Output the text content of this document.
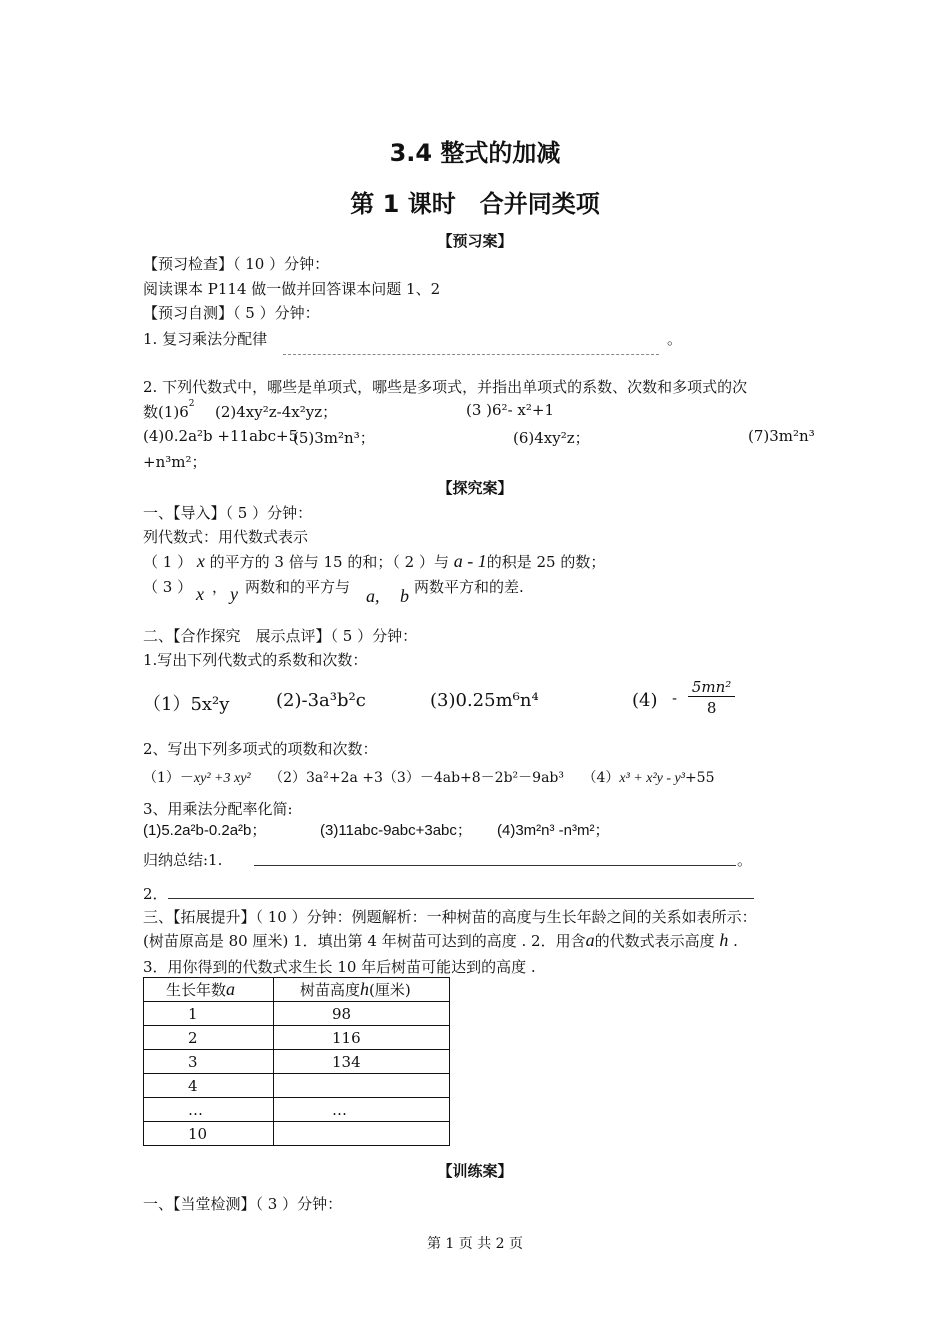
3.4 整式的加减
第 1 课时　合并同类项
【预习案】
【预习检查】（ 10 ）分钟：
阅读课本 P114 做一做并回答课本问题 1、2
【预习自测】（ 5 ）分钟：
1. 复习乘法分配律	。
2. 下列代数式中，哪些是单项式，哪些是多项式，并指出单项式的系数、次数和多项式的次
数$(1)6^2$ (2)4xy²z-4x²yz；	(3 )6²- x²+1
(4)0.2a²b +11abc+5
(5)3m²n³；	(6)4xy²z；	(7)3m²n³
+n³m²；
【探究案】
一、【导入】（ 5 ）分钟：
列代数式：用代数式表示
（ 1 ） x 的平方的 3 倍与 15 的和；（ 2 ）与 a - 1的积是 25 的数；
（ 3 ） x ， y 两数和的平方与 a, b 两数平方和的差.
二、【合作探究　展示点评】（ 5 ）分钟：
1.写出下列代数式的系数和次数：
（1）5x²y	(2)-3a³b²c	(3)0.25m⁶n⁴	$(4) - \frac{\text{5mn²}}{8}$
2、写出下列多项式的项数和次数：
（1）－xy² +3 xy² （2）3a²+2a +3（3）－4ab+8－2b²－9ab³ （4）x³ + x²y - y³+55
3、用乘法分配率化简:
(1)5.2a²b-0.2a²b；	(3)11abc-9abc+3abc； (4)3m²n³ -n³m²；
归纳总结:1.	。
2．
三、【拓展提升】（ 10 ）分钟：例题解析：一种树苗的高度与生长年龄之间的关系如表所示：
(树苗原高是 80 厘米) 1．填出第 4 年树苗可达到的高度 . 2．用含a的代数式表示高度 h .
3．用你得到的代数式求生长 10 年后树苗可能达到的高度 .
生长年数a	树苗高度h(厘米)
1	98
2	116
3	134
4	
…	…
10	
【训练案】
一、【当堂检测】（ 3 ）分钟：
第 1 页 共 2 页
